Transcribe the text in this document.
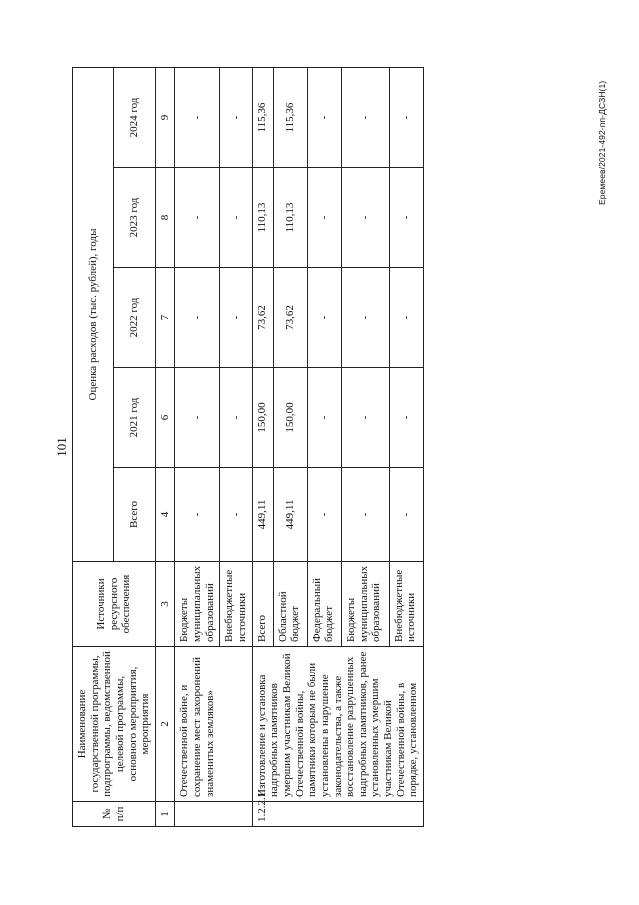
101
№ п/п	Наименование государственной программы, подпрограммы, ведомственной целевой программы, основного мероприятия, мероприятия	Источники ресурсного обеспечения	Оценка расходов (тыс. рублей), годы				
			Всего	2021 год	2022 год	2023 год	2024 год
1	2	3	4	6	7	8	9
	Отечественной войне, и сохранение мест захоронений знаменитых земляков»	Бюджеты муниципальных образований	-	-	-	-	-
		Внебюджетные источники	-	-	-	-	-
1.2.2.1	Изготовление и установка надгробных памятников умершим участникам Великой Отечественной войны, памятники которым не были установлены в нарушение законодательства, а также восстановление разрушенных надгробных памятников, ранее установленных умершим участникам Великой Отечественной войны, в порядке, установленном	Всего	449,11	150,00	73,62	110,13	115,36
		Областной бюджет	449,11	150,00	73,62	110,13	115,36
		Федеральный бюджет	-	-	-	-	-
		Бюджеты муниципальных образований	-	-	-	-	-
		Внебюджетные источники	-	-	-	-	-	Еремеев/2021-492-пп-ДСЗН(1)
